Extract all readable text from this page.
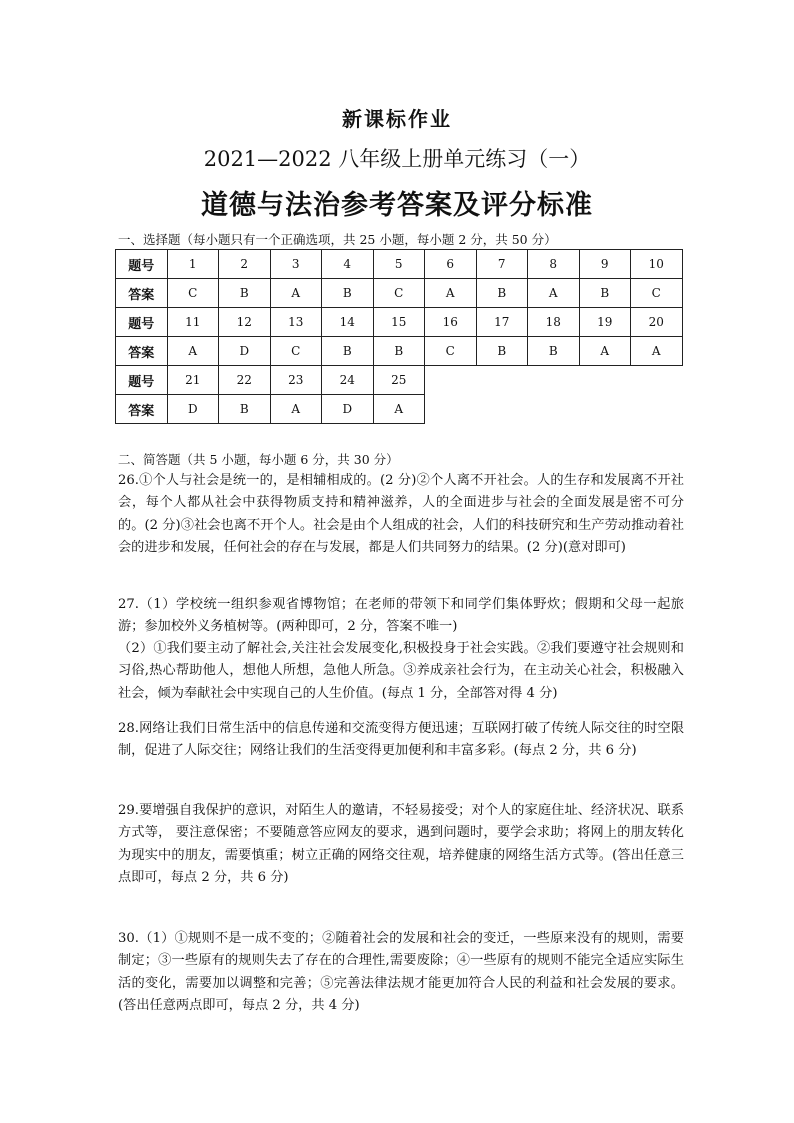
新课标作业
2021—2022 八年级上册单元练习（一）
道德与法治参考答案及评分标准
一、选择题（每小题只有一个正确选项，共 25 小题，每小题 2 分，共 50 分）
题号	1	2	3	4	5	6	7	8	9	10
答案	C	B	A	B	C	A	B	A	B	C
题号	11	12	13	14	15	16	17	18	19	20
答案	A	D	C	B	B	C	B	B	A	A
题号	21	22	23	24	25					
答案	D	B	A	D	A					
二、简答题（共 5 小题，每小题 6 分，共 30 分）
26.①个人与社会是统一的，是相辅相成的。(2 分)②个人离不开社会。人的生存和发展离不开社会，每个人都从社会中获得物质支持和精神滋养，人的全面进步与社会的全面发展是密不可分的。(2 分)③社会也离不开个人。社会是由个人组成的社会，人们的科技研究和生产劳动推动着社会的进步和发展，任何社会的存在与发展，都是人们共同努力的结果。(2 分)(意对即可)
27.（1）学校统一组织参观省博物馆；在老师的带领下和同学们集体野炊；假期和父母一起旅游；参加校外义务植树等。(两种即可，2 分，答案不唯一)
（2）①我们要主动了解社会,关注社会发展变化,积极投身于社会实践。②我们要遵守社会规则和习俗,热心帮助他人，想他人所想，急他人所急。③养成亲社会行为，在主动关心社会，积极融入社会，倾为奉献社会中实现自己的人生价值。(每点 1 分，全部答对得 4 分)
28.网络让我们日常生活中的信息传递和交流变得方便迅速；互联网打破了传统人际交往的时空限制，促进了人际交往；网络让我们的生活变得更加便利和丰富多彩。(每点 2 分，共 6 分)
29.要增强自我保护的意识，对陌生人的邀请，不轻易接受；对个人的家庭住址、经济状况、联系方式等， 要注意保密；不要随意答应网友的要求，遇到问题时，要学会求助；将网上的朋友转化为现实中的朋友，需要慎重；树立正确的网络交往观，培养健康的网络生活方式等。(答出任意三点即可，每点 2 分，共 6 分)
30.（1）①规则不是一成不变的；②随着社会的发展和社会的变迁，一些原来没有的规则，需要制定；③一些原有的规则失去了存在的合理性,需要废除；④一些原有的规则不能完全适应实际生活的变化，需要加以调整和完善；⑤完善法律法规才能更加符合人民的利益和社会发展的要求。(答出任意两点即可，每点 2 分，共 4 分)
